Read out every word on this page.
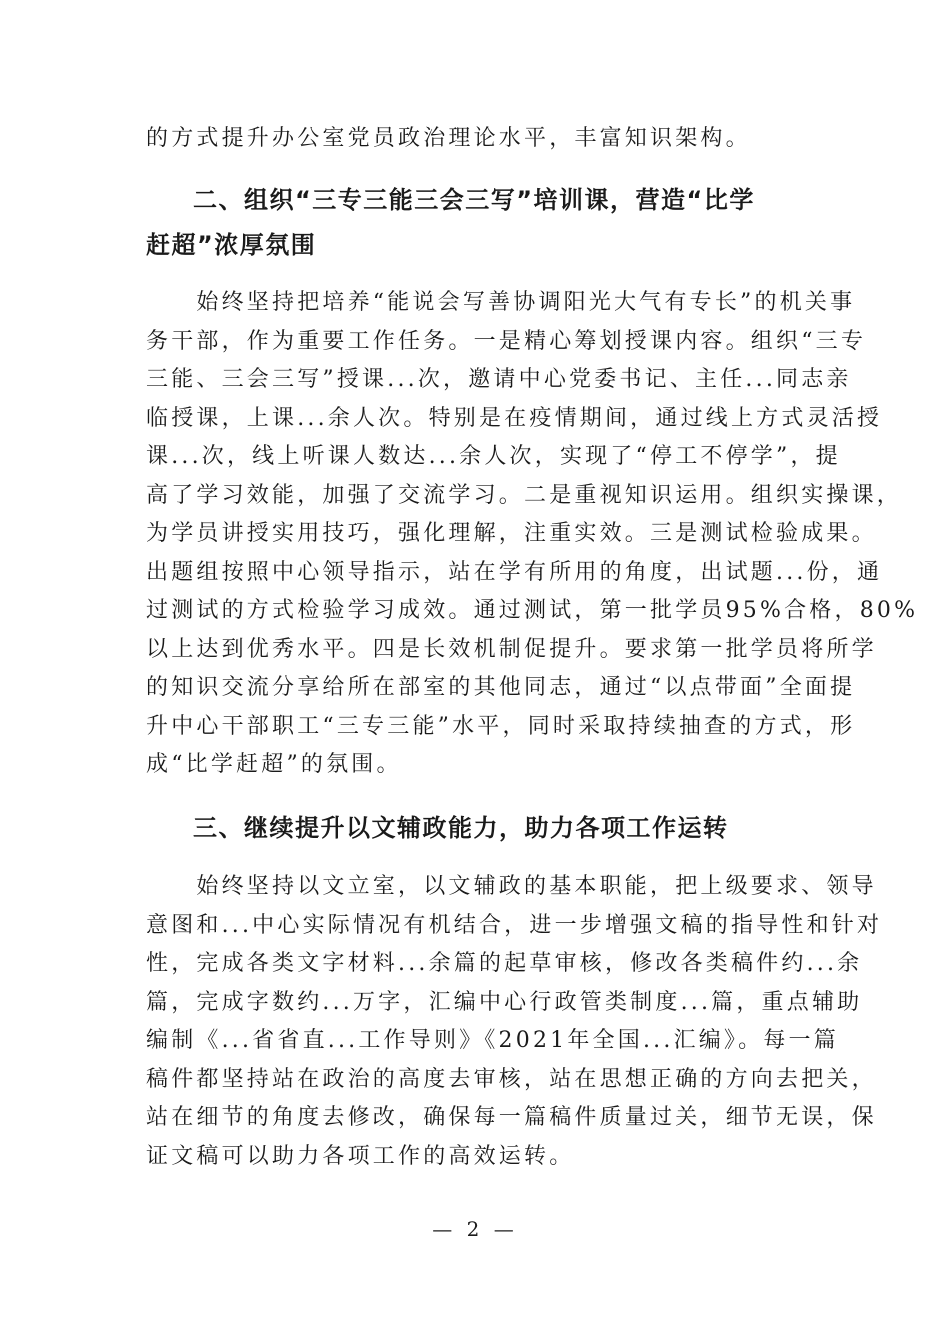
的方式提升办公室党员政治理论水平，丰富知识架构。
二、组织“三专三能三会三写”培训课，营造“比学
赶超”浓厚氛围
　　始终坚持把培养“能说会写善协调阳光大气有专长”的机关事
务干部，作为重要工作任务。一是精心筹划授课内容。组织“三专
三能、三会三写”授课...次，邀请中心党委书记、主任...同志亲
临授课，上课...余人次。特别是在疫情期间，通过线上方式灵活授
课...次，线上听课人数达...余人次，实现了“停工不停学”，提
高了学习效能，加强了交流学习。二是重视知识运用。组织实操课，
为学员讲授实用技巧，强化理解，注重实效。三是测试检验成果。
出题组按照中心领导指示，站在学有所用的角度，出试题...份，通
过测试的方式检验学习成效。通过测试，第一批学员95%合格，80%
以上达到优秀水平。四是长效机制促提升。要求第一批学员将所学
的知识交流分享给所在部室的其他同志，通过“以点带面”全面提
升中心干部职工“三专三能”水平，同时采取持续抽查的方式，形
成“比学赶超”的氛围。
三、继续提升以文辅政能力，助力各项工作运转
　　始终坚持以文立室，以文辅政的基本职能，把上级要求、领导
意图和...中心实际情况有机结合，进一步增强文稿的指导性和针对
性，完成各类文字材料...余篇的起草审核，修改各类稿件约...余
篇，完成字数约...万字，汇编中心行政管类制度...篇，重点辅助
编制《...省省直...工作导则》《2021年全国...汇编》。每一篇
稿件都坚持站在政治的高度去审核，站在思想正确的方向去把关，
站在细节的角度去修改，确保每一篇稿件质量过关，细节无误，保
证文稿可以助力各项工作的高效运转。
— 2 —
